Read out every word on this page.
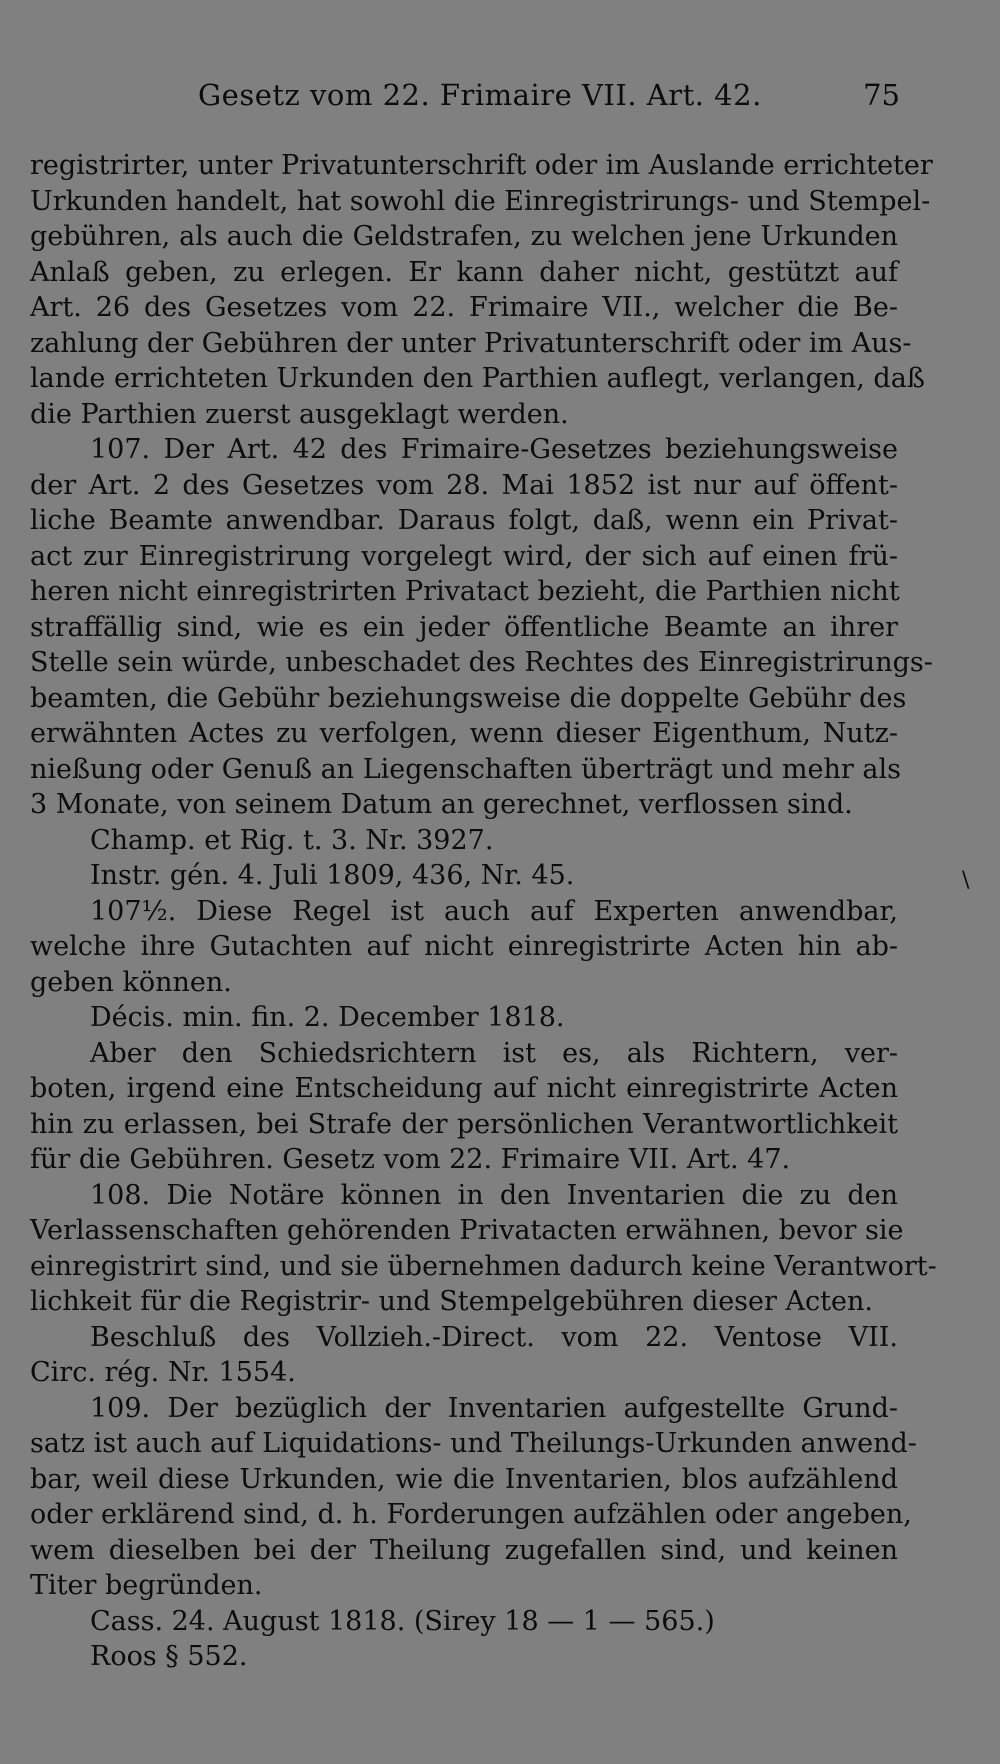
Gesetz vom 22. Frimaire VII. Art. 42.	75
registrirter, unter Privatunterschrift oder im Auslande errichteter
Urkunden handelt, hat sowohl die Einregistrirungs- und Stempel-
gebühren, als auch die Geldstrafen, zu welchen jene Urkunden
Anlaß geben, zu erlegen. Er kann daher nicht, gestützt auf
Art. 26 des Gesetzes vom 22. Frimaire VII., welcher die Be-
zahlung der Gebühren der unter Privatunterschrift oder im Aus-
lande errichteten Urkunden den Parthien auflegt, verlangen, daß
die Parthien zuerst ausgeklagt werden.
107. Der Art. 42 des Frimaire-Gesetzes beziehungsweise
der Art. 2 des Gesetzes vom 28. Mai 1852 ist nur auf öffent-
liche Beamte anwendbar. Daraus folgt, daß, wenn ein Privat-
act zur Einregistrirung vorgelegt wird, der sich auf einen frü-
heren nicht einregistrirten Privatact bezieht, die Parthien nicht
straffällig sind, wie es ein jeder öffentliche Beamte an ihrer
Stelle sein würde, unbeschadet des Rechtes des Einregistrirungs-
beamten, die Gebühr beziehungsweise die doppelte Gebühr des
erwähnten Actes zu verfolgen, wenn dieser Eigenthum, Nutz-
nießung oder Genuß an Liegenschaften überträgt und mehr als
3 Monate, von seinem Datum an gerechnet, verflossen sind.
Champ. et Rig. t. 3. Nr. 3927.
Instr. gén. 4. Juli 1809, 436, Nr. 45.
107½. Diese Regel ist auch auf Experten anwendbar,
welche ihre Gutachten auf nicht einregistrirte Acten hin ab-
geben können.
Décis. min. fin. 2. December 1818.
Aber den Schiedsrichtern ist es, als Richtern, ver-
boten, irgend eine Entscheidung auf nicht einregistrirte Acten
hin zu erlassen, bei Strafe der persönlichen Verantwortlichkeit
für die Gebühren. Gesetz vom 22. Frimaire VII. Art. 47.
108. Die Notäre können in den Inventarien die zu den
Verlassenschaften gehörenden Privatacten erwähnen, bevor sie
einregistrirt sind, und sie übernehmen dadurch keine Verantwort-
lichkeit für die Registrir- und Stempelgebühren dieser Acten.
Beschluß des Vollzieh.-Direct. vom 22. Ventose VII.
Circ. rég. Nr. 1554.
109. Der bezüglich der Inventarien aufgestellte Grund-
satz ist auch auf Liquidations- und Theilungs-Urkunden anwend-
bar, weil diese Urkunden, wie die Inventarien, blos aufzählend
oder erklärend sind, d. h. Forderungen aufzählen oder angeben,
wem dieselben bei der Theilung zugefallen sind, und keinen
Titer begründen.
Cass. 24. August 1818. (Sirey 18 — 1 — 565.)
Roos § 552.
\
